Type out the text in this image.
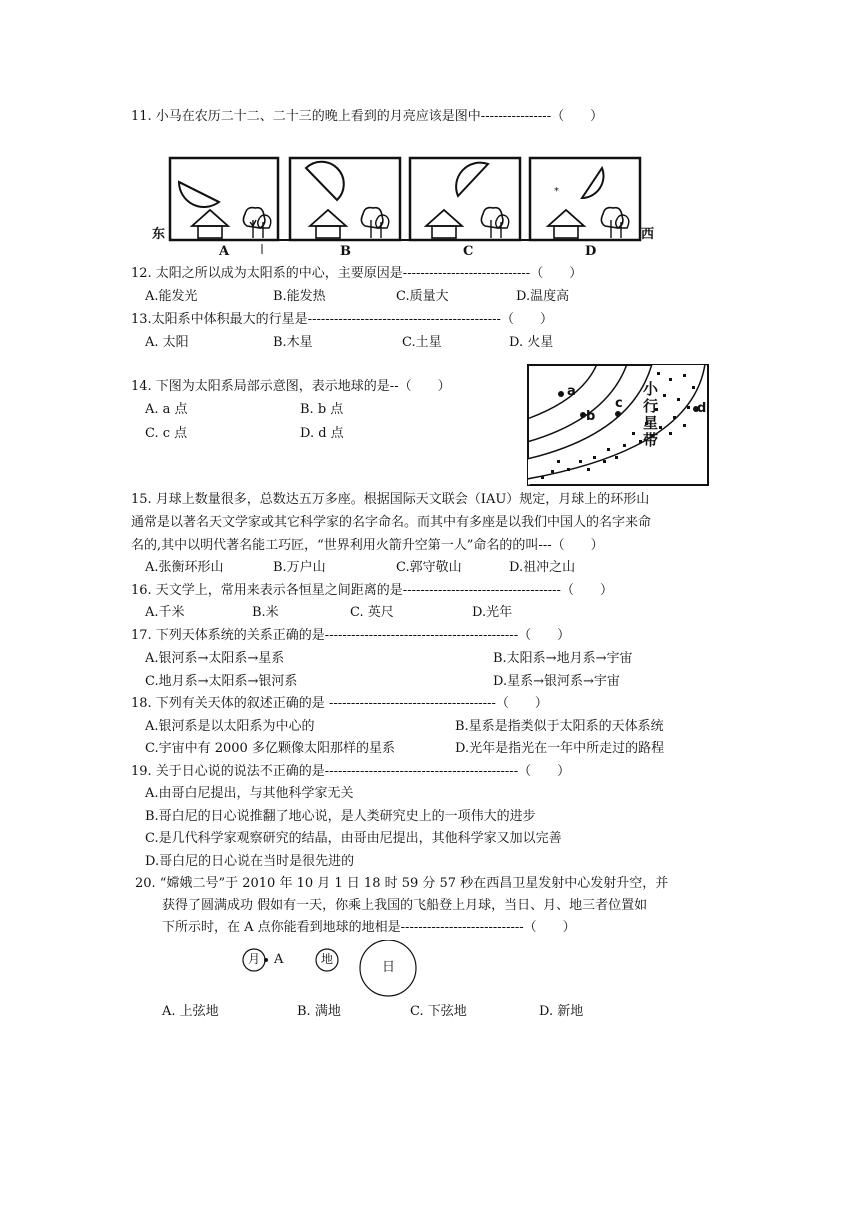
11. 小马在农历二十二、二十三的晚上看到的月亮应该是图中----------------（　　）
*
东	西
A	B	C	D
12. 太阳之所以成为太阳系的中心，主要原因是-----------------------------（　　）
A.能发光	B.能发热	C.质量大	D.温度高
13.太阳系中体积最大的行星是--------------------------------------------（　　）
A. 太阳	B.木星	C.土星	D. 火星
14. 下图为太阳系局部示意图，表示地球的是--（　　）
A. a 点	B. b 点
C. c 点	D. d 点
a
b
c	d
小
行
星
带
15. 月球上数量很多，总数达五万多座。根据国际天文联会（IAU）规定，月球上的环形山
通常是以著名天文学家或其它科学家的名字命名。而其中有多座是以我们中国人的名字来命
名的,其中以明代著名能工巧匠，“世界利用火箭升空第一人”命名的的叫---（　　）
A.张衡环形山	B.万户山	C.郭守敬山	D.祖冲之山
16. 天文学上，常用来表示各恒星之间距离的是------------------------------------（　　）
A.千米	B.米	C. 英尺	D.光年
17. 下列天体系统的关系正确的是--------------------------------------------（　　）
A.银河系→太阳系→星系	B.太阳系→地月系→宇宙
C.地月系→太阳系→银河系	D.星系→银河系→宇宙
18. 下列有关天体的叙述正确的是 --------------------------------------（　　）
A.银河系是以太阳系为中心的	B.星系是指类似于太阳系的天体系统
C.宇宙中有 2000 多亿颗像太阳那样的星系	D.光年是指光在一年中所走过的路程
19. 关于日心说的说法不正确的是--------------------------------------------（　　）
A.由哥白尼提出，与其他科学家无关
B.哥白尼的日心说推翻了地心说，是人类研究史上的一项伟大的进步
C.是几代科学家观察研究的结晶，由哥由尼提出，其他科学家又加以完善
D.哥白尼的日心说在当时是很先进的
20. “嫦娥二号”于 2010 年 10 月 1 日 18 时 59 分 57 秒在西昌卫星发射中心发射升空，并
获得了圆满成功 假如有一天，你乘上我国的飞船登上月球，当日、月、地三者位置如
下所示时，在 A 点你能看到地球的地相是----------------------------（　　）
月 A	地
日
A. 上弦地	B. 满地	C. 下弦地	D. 新地
